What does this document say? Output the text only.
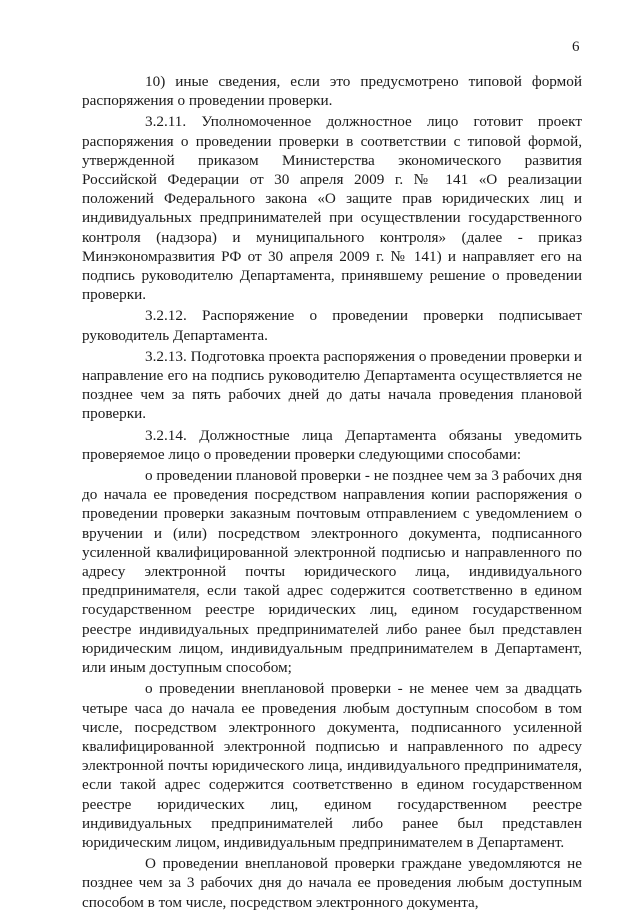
6

10) иные сведения, если это предусмотрено типовой формой распоряжения о проведении проверки.

3.2.11. Уполномоченное должностное лицо готовит проект распоряжения о проведении проверки в соответствии с типовой формой, утвержденной приказом Министерства экономического развития Российской Федерации от 30 апреля 2009 г. № 141 «О реализации положений Федерального закона «О защите прав юридических лиц и индивидуальных предпринимателей при осуществлении государственного контроля (надзора) и муниципального контроля» (далее - приказ Минэкономразвития РФ от 30 апреля 2009 г. № 141) и направляет его на подпись руководителю Департамента, принявшему решение о проведении проверки.

3.2.12. Распоряжение о проведении проверки подписывает руководитель Департамента.

3.2.13. Подготовка проекта распоряжения о проведении проверки и направление его на подпись руководителю Департамента осуществляется не позднее чем за пять рабочих дней до даты начала проведения плановой проверки.

3.2.14. Должностные лица Департамента обязаны уведомить проверяемое лицо о проведении проверки следующими способами:

о проведении плановой проверки - не позднее чем за 3 рабочих дня до начала ее проведения посредством направления копии распоряжения о проведении проверки заказным почтовым отправлением с уведомлением о вручении и (или) посредством электронного документа, подписанного усиленной квалифицированной электронной подписью и направленного по адресу электронной почты юридического лица, индивидуального предпринимателя, если такой адрес содержится соответственно в едином государственном реестре юридических лиц, едином государственном реестре индивидуальных предпринимателей либо ранее был представлен юридическим лицом, индивидуальным предпринимателем в Департамент, или иным доступным способом;

о проведении внеплановой проверки - не менее чем за двадцать четыре часа до начала ее проведения любым доступным способом в том числе, посредством электронного документа, подписанного усиленной квалифицированной электронной подписью и направленного по адресу электронной почты юридического лица, индивидуального предпринимателя, если такой адрес содержится соответственно в едином государственном реестре юридических лиц, едином государственном реестре индивидуальных предпринимателей либо ранее был представлен юридическим лицом, индивидуальным предпринимателем в Департамент.

О проведении внеплановой проверки граждане уведомляются не позднее чем за 3 рабочих дня до начала ее проведения любым доступным способом в том числе, посредством электронного документа,
